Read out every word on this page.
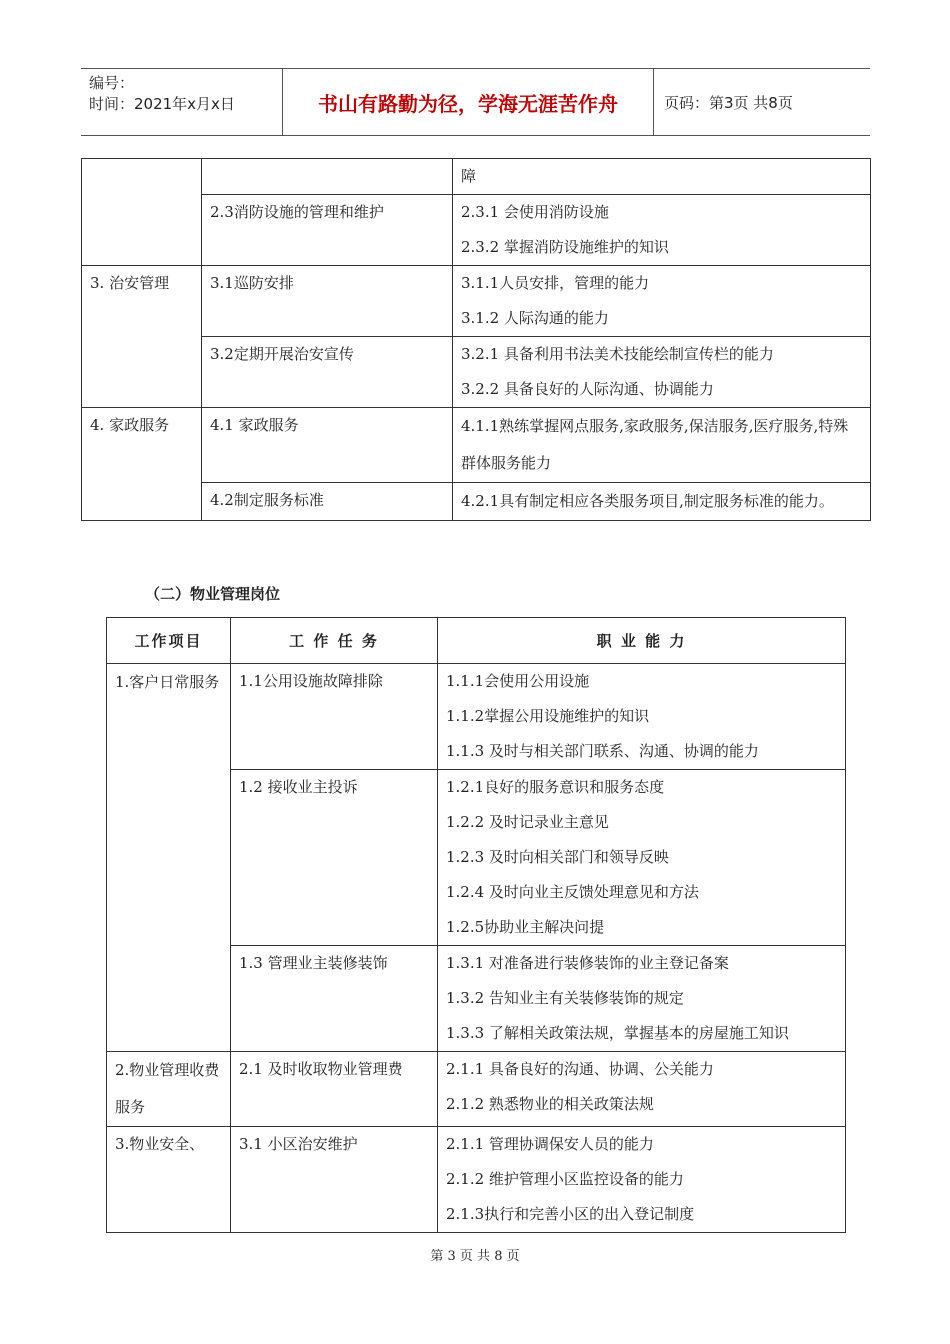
编号：
时间：2021年x月x日	书山有路勤为径，学海无涯苦作舟	页码：第3页 共8页

		障

	2.3消防设施的管理和维护	2.3.1 会使用消防设施
2.3.2 掌握消防设施维护的知识

3. 治安管理	3.1巡防安排	3.1.1人员安排，管理的能力
3.1.2 人际沟通的能力

	3.2定期开展治安宣传	3.2.1 具备利用书法美术技能绘制宣传栏的能力
3.2.2 具备良好的人际沟通、协调能力

4. 家政服务	4.1 家政服务	4.1.1熟练掌握网点服务,家政服务,保洁服务,医疗服务,特殊群体服务能力

	4.2制定服务标准	4.2.1具有制定相应各类服务项目,制定服务标准的能力。
（二）物业管理岗位
工作项目	工 作 任 务	职 业 能 力

1.客户日常服务	1.1公用设施故障排除	1.1.1会使用公用设施
1.1.2掌握公用设施维护的知识
1.1.3 及时与相关部门联系、沟通、协调的能力

	1.2 接收业主投诉	1.2.1良好的服务意识和服务态度
1.2.2 及时记录业主意见
1.2.3 及时向相关部门和领导反映
1.2.4 及时向业主反馈处理意见和方法
1.2.5协助业主解决问提

	1.3 管理业主装修装饰	1.3.1 对准备进行装修装饰的业主登记备案
1.3.2 告知业主有关装修装饰的规定
1.3.3 了解相关政策法规，掌握基本的房屋施工知识

2.物业管理收费服务	2.1 及时收取物业管理费	2.1.1 具备良好的沟通、协调、公关能力
2.1.2 熟悉物业的相关政策法规

3.物业安全、	3.1 小区治安维护	2.1.1 管理协调保安人员的能力
2.1.2 维护管理小区监控设备的能力
2.1.3执行和完善小区的出入登记制度
第 3 页 共 8 页
